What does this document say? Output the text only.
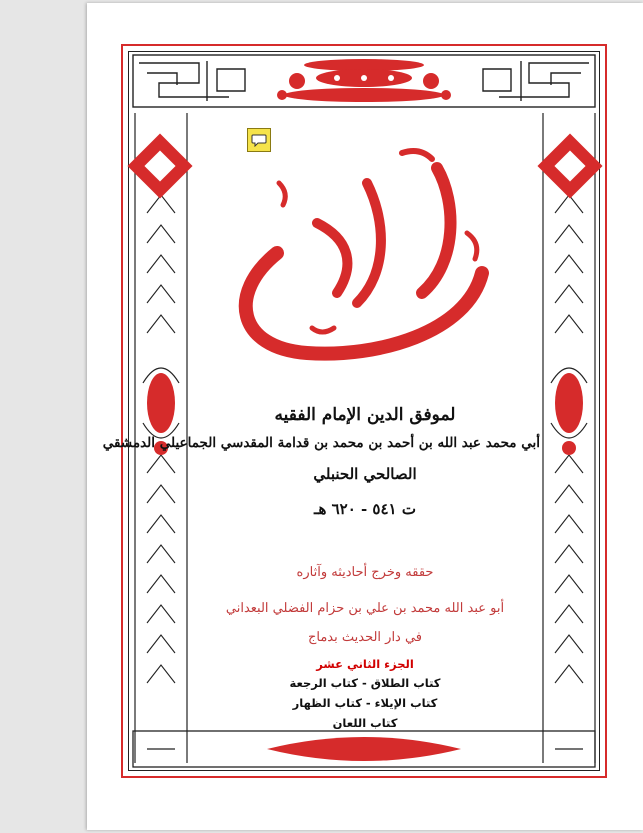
لموفق الدين الإمام الفقيه
أبي محمد عبد الله بن أحمد بن محمد بن قدامة المقدسي الجماعيلي الدمشقي
الصالحي الحنبلي
ت ٥٤١ - ٦٢٠ هـ
حققه وخرج أحاديثه وآثاره
أبو عبد الله محمد بن علي بن حزام الفضلي البعداني
في دار الحديث بدماج
الجزء الثاني عشر
كتاب الطلاق - كتاب الرجعة
كتاب الإيلاء - كتاب الظهار
كتاب اللعان
